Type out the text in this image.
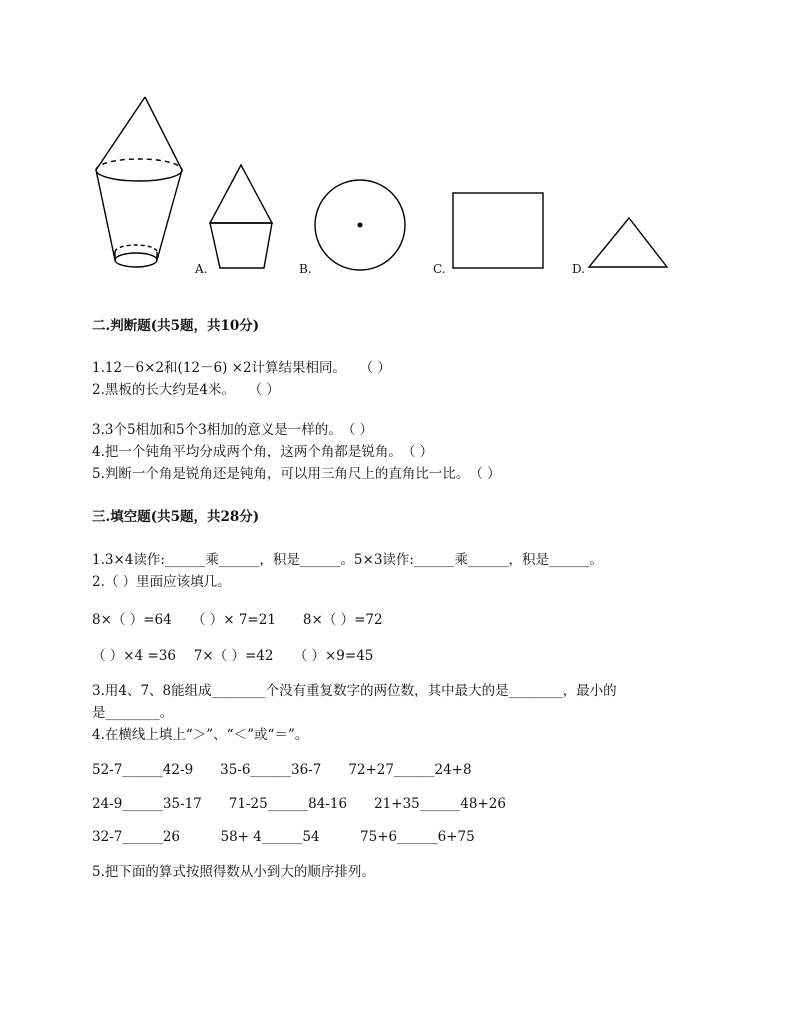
A.	B.	C.	D.
二.判断题(共5题，共10分)
1.12－6×2和(12－6) ×2计算结果相同。　　（ ）
2.黑板的长大约是4米。　　（ ）
3.3个5相加和5个3相加的意义是一样的。　（ ）
4.把一个钝角平均分成两个角，这两个角都是锐角。　（ ）
5.判断一个角是锐角还是钝角，可以用三角尺上的直角比一比。　（ ）
三.填空题(共5题，共28分)
1.3×4读作:______乘______，积是______。5×3读作:______乘______，积是______。
2.（ ）里面应该填几。
8×（ ）=64　　（ ）× 7=21　　8×（ ）=72
（ ）×4 =36　 7×（ ）=42　　（ ）×9=45
3.用4、7、8能组成________个没有重复数字的两位数，其中最大的是________，最小的
是________。
4.在横线上填上“＞”、“＜”或“＝”。
52-7______42-9　　35-6______36-7　　72+27______24+8
24-9______35-17　　71-25______84-16　　21+35______48+26
32-7______26　　　58+ 4______54　　　75+6______6+75
5.把下面的算式按照得数从小到大的顺序排列。
